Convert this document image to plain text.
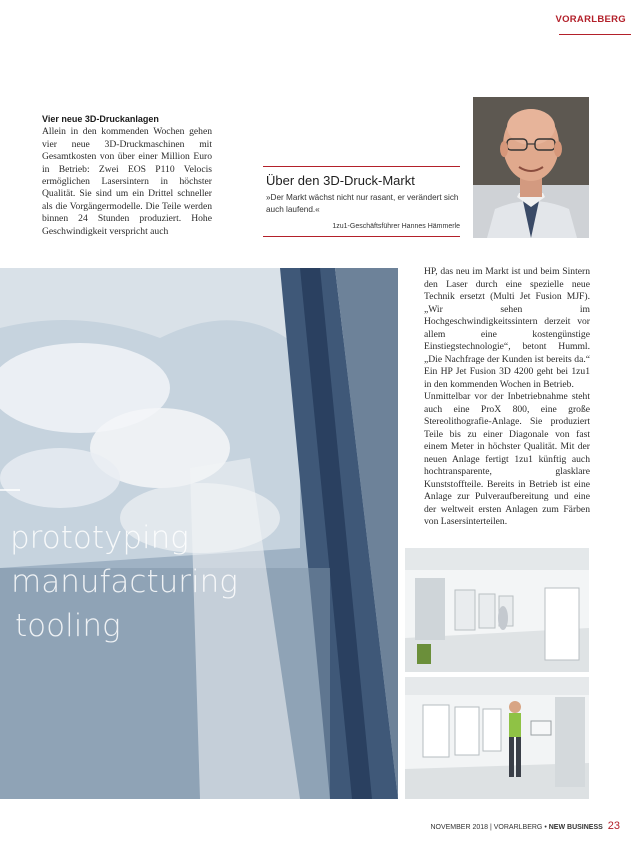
VORARLBERG
Vier neue 3D-Druckanlagen
Allein in den kommenden Wochen gehen vier neue 3D-Druckmaschinen mit Gesamtkosten von über einer Million Euro in Betrieb: Zwei EOS P110 Velocis ermöglichen Lasersintern in höchster Qualität. Sie sind um ein Drittel schneller als die Vorgängermodelle. Die Teile werden binnen 24 Stunden produziert. Hohe Geschwindigkeit verspricht auch
Über den 3D-Druck-Markt
»Der Markt wächst nicht nur rasant, er verändert sich auch laufend.«
1zu1-Geschäftsführer Hannes Hämmerle
prototyping
manufacturing
tooling

HP, das neu im Markt ist und beim Sintern den Laser durch eine spezielle neue Technik ersetzt (Multi Jet Fusion MJF). „Wir sehen im Hochgeschwindigkeitssintern derzeit vor allem eine kostengünstige Einstiegstechnologie“, betont Humml. „Die Nachfrage der Kunden ist bereits da.“ Ein HP Jet Fusion 3D 4200 geht bei 1zu1 in den kommenden Wochen in Betrieb.

Unmittelbar vor der Inbetriebnahme steht auch eine ProX 800, eine große Stereolithografie-Anlage. Sie produziert Teile bis zu einer Diagonale von fast einem Meter in höchster Qualität. Mit der neuen Anlage fertigt 1zu1 künftig auch hochtransparente, glasklare Kunststoffteile. Bereits in Betrieb ist eine Anlage zur Pulveraufbereitung und eine der weltweit ersten Anlagen zum Färben von Lasersinterteilen.

NOVEMBER 2018 | VORARLBERG • NEW BUSINESS 23
